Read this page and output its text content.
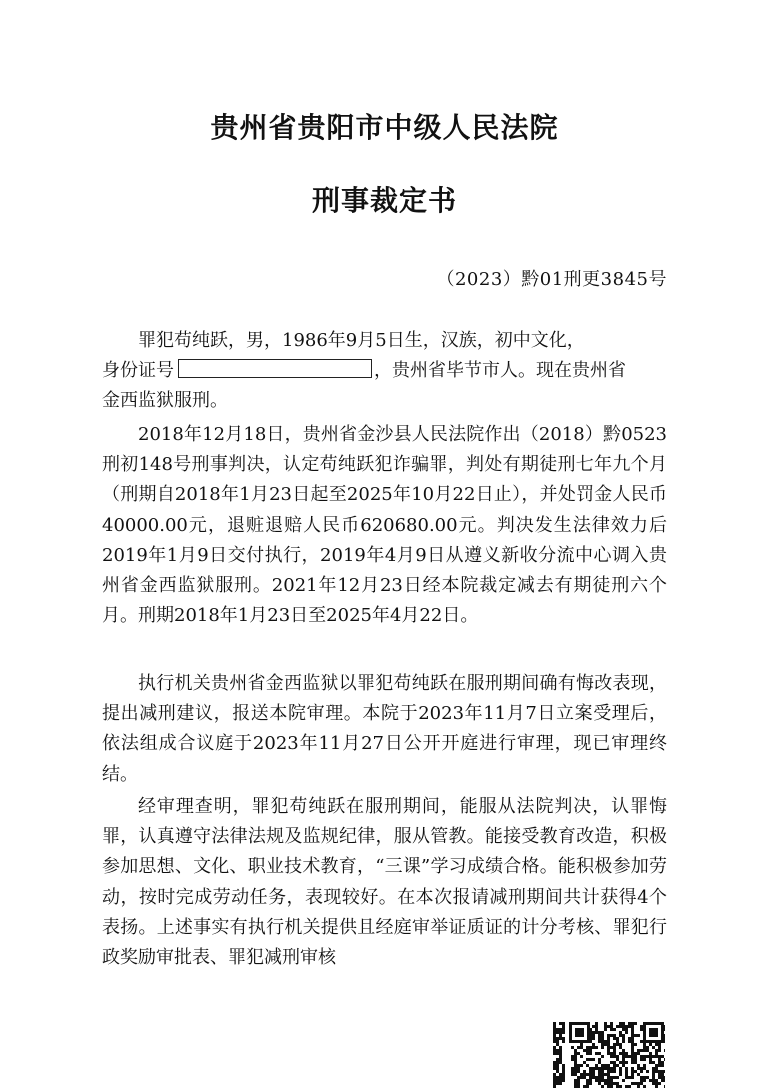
贵州省贵阳市中级人民法院
刑事裁定书
（2023）黔01刑更3845号
罪犯苟纯跃，男，1986年9月5日生，汉族，初中文化，
身份证号	，贵州省毕节市人。现在贵州省
金西监狱服刑。

2018年12月18日，贵州省金沙县人民法院作出（2018）黔0523刑初148号刑事判决，认定苟纯跃犯诈骗罪，判处有期徒刑七年九个月（刑期自2018年1月23日起至2025年10月22日止），并处罚金人民币40000.00元，退赃退赔人民币620680.00元。判决发生法律效力后2019年1月9日交付执行，2019年4月9日从遵义新收分流中心调入贵州省金西监狱服刑。2021年12月23日经本院裁定减去有期徒刑六个月。刑期2018年1月23日至2025年4月22日。

执行机关贵州省金西监狱以罪犯苟纯跃在服刑期间确有悔改表现，提出减刑建议，报送本院审理。本院于2023年11月7日立案受理后，依法组成合议庭于2023年11月27日公开开庭进行审理，现已审理终结。

经审理查明，罪犯苟纯跃在服刑期间，能服从法院判决，认罪悔罪，认真遵守法律法规及监规纪律，服从管教。能接受教育改造，积极参加思想、文化、职业技术教育，“三课”学习成绩合格。能积极参加劳动，按时完成劳动任务，表现较好。在本次报请减刑期间共计获得4个表扬。上述事实有执行机关提供且经庭审举证质证的计分考核、罪犯行政奖励审批表、罪犯减刑审核
